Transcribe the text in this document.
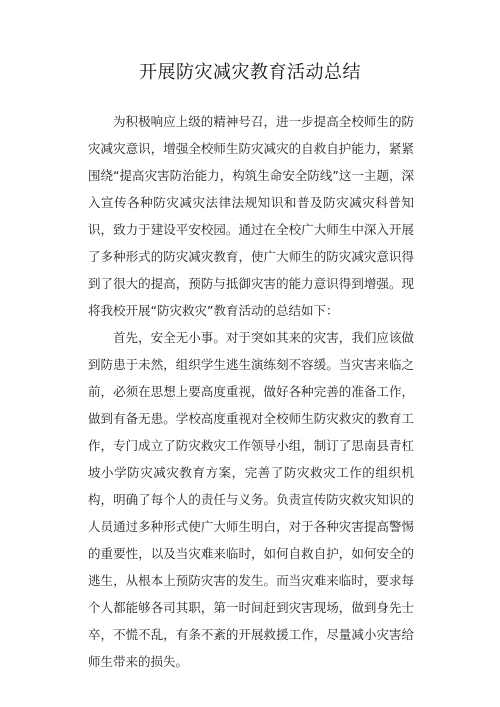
开展防灾减灾教育活动总结

为积极响应上级的精神号召，进一步提高全校师生的防灾减灾意识，增强全校师生防灾减灾的自救自护能力，紧紧围绕“提高灾害防治能力，构筑生命安全防线”这一主题，深入宣传各种防灾减灾法律法规知识和普及防灾减灾科普知识，致力于建设平安校园。通过在全校广大师生中深入开展了多种形式的防灾减灾教育，使广大师生的防灾减灾意识得到了很大的提高，预防与抵御灾害的能力意识得到增强。现将我校开展“防灾救灾”教育活动的总结如下：

首先，安全无小事。对于突如其来的灾害，我们应该做到防患于未然，组织学生逃生演练刻不容缓。当灾害来临之前，必须在思想上要高度重视，做好各种完善的准备工作，做到有备无患。学校高度重视对全校师生防灾救灾的教育工作，专门成立了防灾救灾工作领导小组，制订了思南县青杠坡小学防灾减灾教育方案，完善了防灾救灾工作的组织机构，明确了每个人的责任与义务。负责宣传防灾救灾知识的人员通过多种形式使广大师生明白，对于各种灾害提高警惕的重要性，以及当灾难来临时，如何自救自护，如何安全的逃生，从根本上预防灾害的发生。而当灾难来临时，要求每个人都能够各司其职，第一时间赶到灾害现场，做到身先士卒，不慌不乱，有条不紊的开展救援工作，尽量减小灾害给师生带来的损失。
